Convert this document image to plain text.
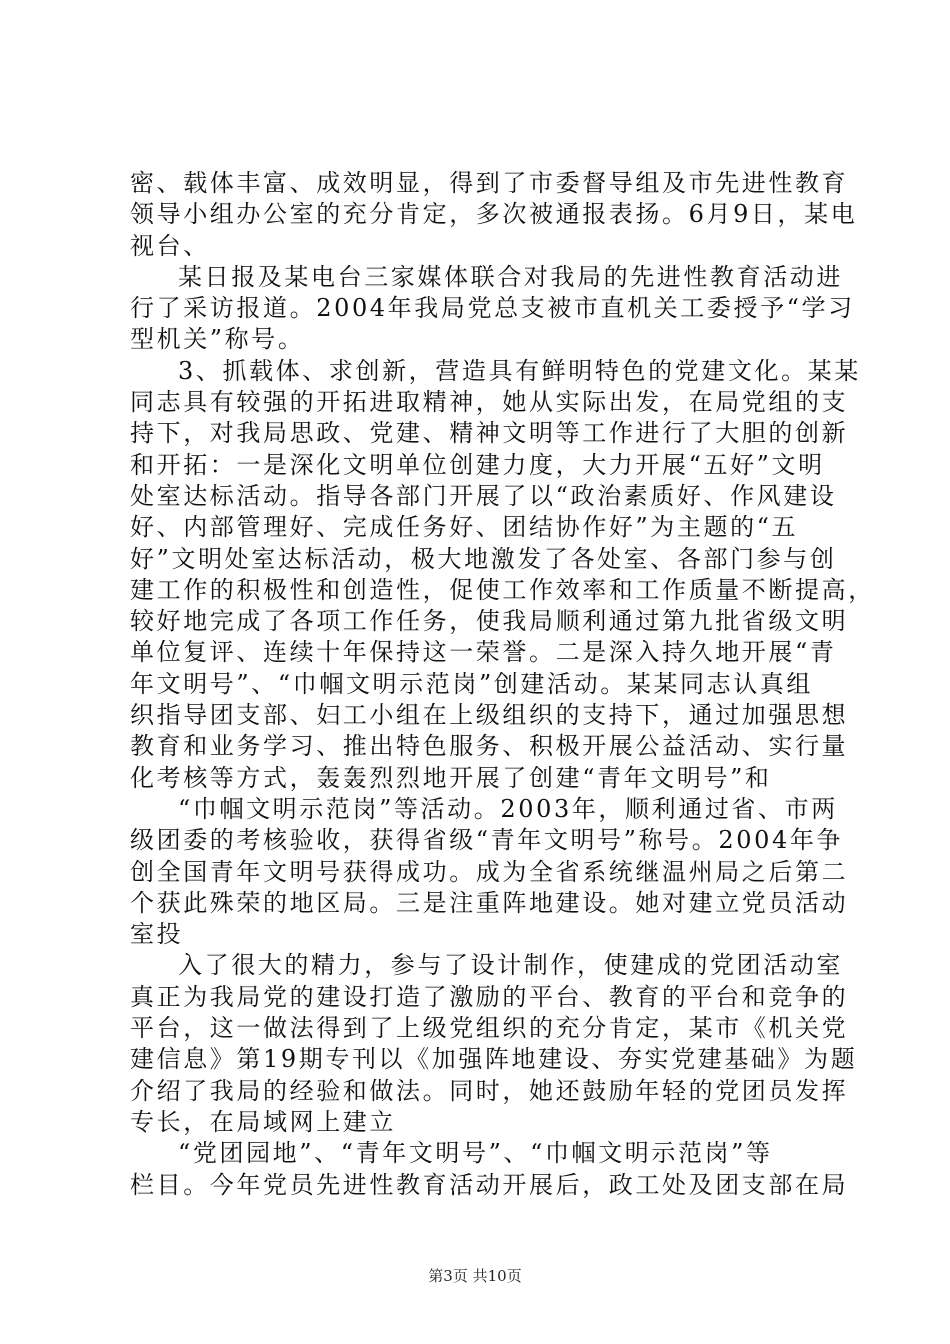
密、载体丰富、成效明显，得到了市委督导组及市先进性教育
领导小组办公室的充分肯定，多次被通报表扬。6月9日，某电
视台、
某日报及某电台三家媒体联合对我局的先进性教育活动进
行了采访报道。2004年我局党总支被市直机关工委授予“学习
型机关”称号。
3、抓载体、求创新，营造具有鲜明特色的党建文化。某某
同志具有较强的开拓进取精神，她从实际出发，在局党组的支
持下，对我局思政、党建、精神文明等工作进行了大胆的创新
和开拓：一是深化文明单位创建力度，大力开展“五好”文明
处室达标活动。指导各部门开展了以“政治素质好、作风建设
好、内部管理好、完成任务好、团结协作好”为主题的“五
好”文明处室达标活动，极大地激发了各处室、各部门参与创
建工作的积极性和创造性，促使工作效率和工作质量不断提高，
较好地完成了各项工作任务，使我局顺利通过第九批省级文明
单位复评、连续十年保持这一荣誉。二是深入持久地开展“青
年文明号”、“巾帼文明示范岗”创建活动。某某同志认真组
织指导团支部、妇工小组在上级组织的支持下，通过加强思想
教育和业务学习、推出特色服务、积极开展公益活动、实行量
化考核等方式，轰轰烈烈地开展了创建“青年文明号”和
“巾帼文明示范岗”等活动。2003年，顺利通过省、市两
级团委的考核验收，获得省级“青年文明号”称号。2004年争
创全国青年文明号获得成功。成为全省系统继温州局之后第二
个获此殊荣的地区局。三是注重阵地建设。她对建立党员活动
室投
入了很大的精力，参与了设计制作，使建成的党团活动室
真正为我局党的建设打造了激励的平台、教育的平台和竞争的
平台，这一做法得到了上级党组织的充分肯定，某市《机关党
建信息》第19期专刊以《加强阵地建设、夯实党建基础》为题
介绍了我局的经验和做法。同时，她还鼓励年轻的党团员发挥
专长，在局域网上建立
“党团园地”、“青年文明号”、“巾帼文明示范岗”等
栏目。今年党员先进性教育活动开展后，政工处及团支部在局
第3页 共10页
